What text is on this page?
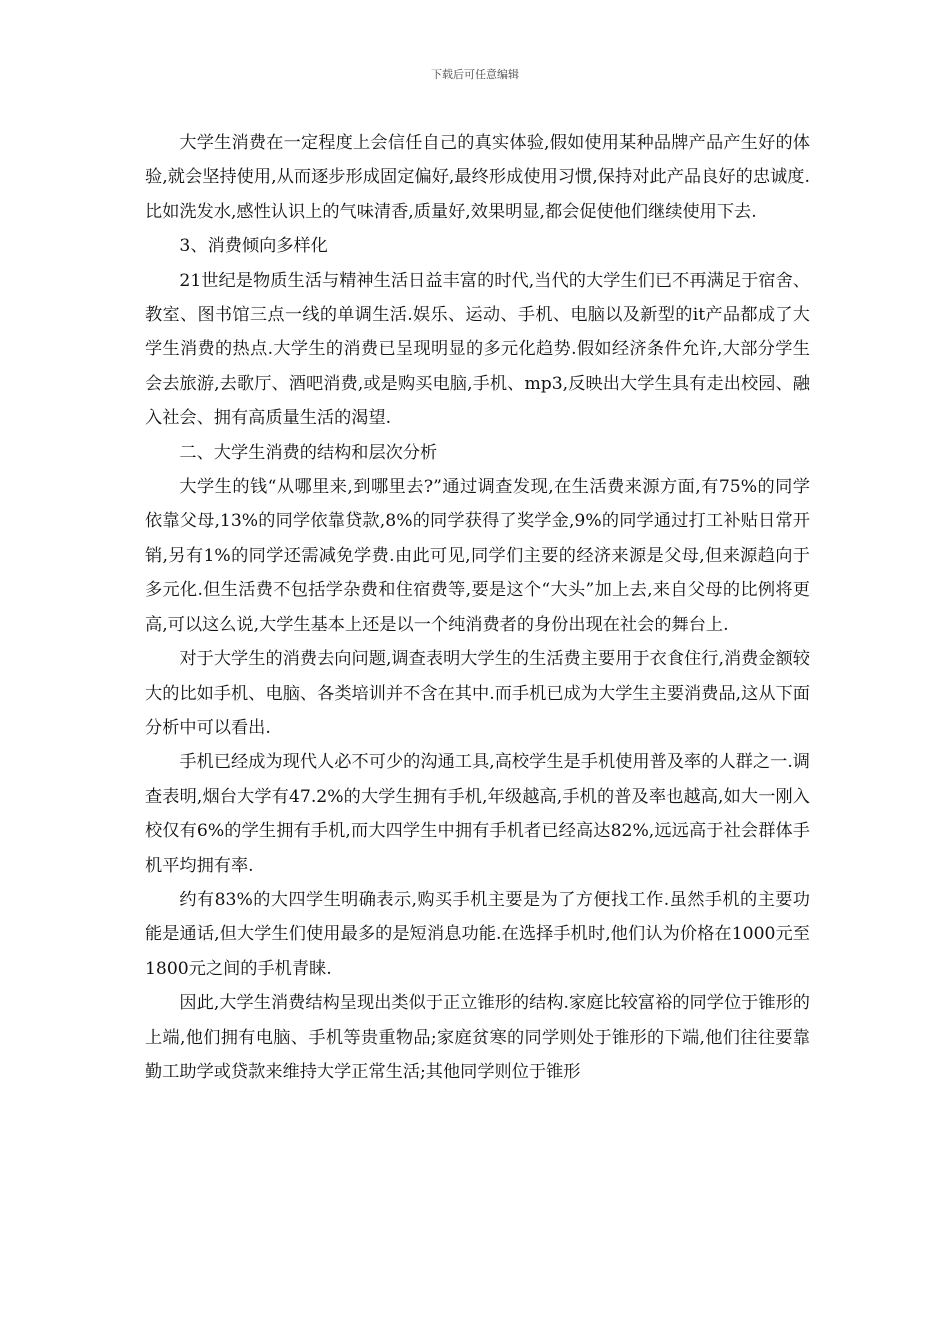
下载后可任意编辑

大学生消费在一定程度上会信任自己的真实体验,假如使用某种品牌产品产生好的体验,就会坚持使用,从而逐步形成固定偏好,最终形成使用习惯,保持对此产品良好的忠诚度.比如洗发水,感性认识上的气味清香,质量好,效果明显,都会促使他们继续使用下去.

3、消费倾向多样化

21世纪是物质生活与精神生活日益丰富的时代,当代的大学生们已不再满足于宿舍、教室、图书馆三点一线的单调生活.娱乐、运动、手机、电脑以及新型的it产品都成了大学生消费的热点.大学生的消费已呈现明显的多元化趋势.假如经济条件允许,大部分学生会去旅游,去歌厅、酒吧消费,或是购买电脑,手机、mp3,反映出大学生具有走出校园、融入社会、拥有高质量生活的渴望.

二、大学生消费的结构和层次分析

大学生的钱“从哪里来,到哪里去?”通过调查发现,在生活费来源方面,有75%的同学依靠父母,13%的同学依靠贷款,8%的同学获得了奖学金,9%的同学通过打工补贴日常开销,另有1%的同学还需减免学费.由此可见,同学们主要的经济来源是父母,但来源趋向于多元化.但生活费不包括学杂费和住宿费等,要是这个“大头”加上去,来自父母的比例将更高,可以这么说,大学生基本上还是以一个纯消费者的身份出现在社会的舞台上.

对于大学生的消费去向问题,调查表明大学生的生活费主要用于衣食住行,消费金额较大的比如手机、电脑、各类培训并不含在其中.而手机已成为大学生主要消费品,这从下面分析中可以看出.

手机已经成为现代人必不可少的沟通工具,高校学生是手机使用普及率的人群之一.调查表明,烟台大学有47.2%的大学生拥有手机,年级越高,手机的普及率也越高,如大一刚入校仅有6%的学生拥有手机,而大四学生中拥有手机者已经高达82%,远远高于社会群体手机平均拥有率.

约有83%的大四学生明确表示,购买手机主要是为了方便找工作.虽然手机的主要功能是通话,但大学生们使用最多的是短消息功能.在选择手机时,他们认为价格在1000元至1800元之间的手机青睐.

因此,大学生消费结构呈现出类似于正立锥形的结构.家庭比较富裕的同学位于锥形的上端,他们拥有电脑、手机等贵重物品;家庭贫寒的同学则处于锥形的下端,他们往往要靠勤工助学或贷款来维持大学正常生活;其他同学则位于锥形
